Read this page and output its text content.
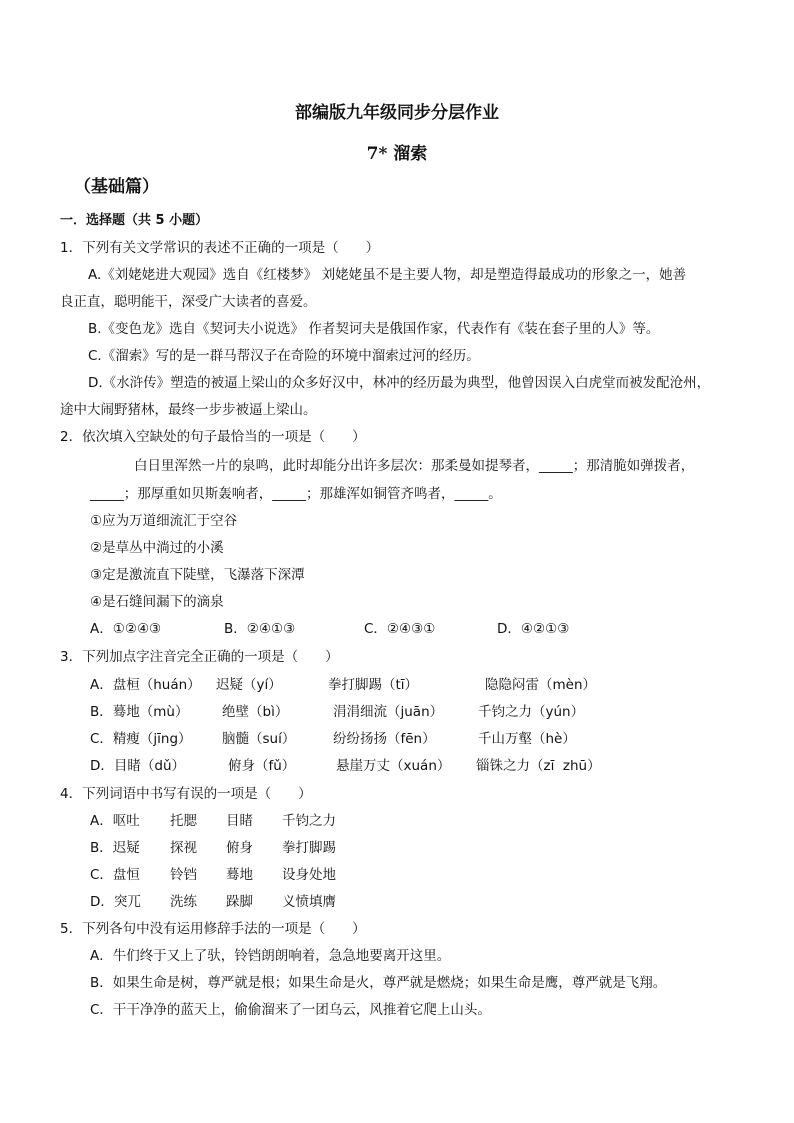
部编版九年级同步分层作业
7* 溜索
（基础篇）
一．选择题（共 5 小题）
1．下列有关文学常识的表述不正确的一项是（　　）
A.《刘姥姥进大观园》选自《红楼梦》 刘姥姥虽不是主要人物，却是塑造得最成功的形象之一，她善
良正直，聪明能干，深受广大读者的喜爱。
B.《变色龙》选自《契诃夫小说选》 作者契诃夫是俄国作家，代表作有《装在套子里的人》等。
C.《溜索》写的是一群马帮汉子在奇险的环境中溜索过河的经历。
D.《水浒传》塑造的被逼上梁山的众多好汉中，林冲的经历最为典型，他曾因误入白虎堂而被发配沧州，
途中大闹野猪林，最终一步步被逼上梁山。
2．依次填入空缺处的句子最恰当的一项是（　　）
白日里浑然一片的泉鸣，此时却能分出许多层次：那柔曼如提琴者，_____；那清脆如弹拨者，
_____；那厚重如贝斯轰响者，_____；那雄浑如铜管齐鸣者，_____。
①应为万道细流汇于空谷
②是草丛中淌过的小溪
③定是激流直下陡壁，飞瀑落下深潭
④是石缝间漏下的滴泉
A．①②④③	B．②④①③	C．②④③①	D．④②①③
3．下列加点字注音完全正确的一项是（　　）
A．盘桓（huán） 迟疑（yí）	拳打脚踢（tī）	隐隐闷雷（mèn）
B．蓦地（mù） 绝壁（bì）	涓涓细流（juān）	千钧之力（yún）
C．精瘦（jīng） 脑髓（suí）	纷纷扬扬（fēn）	千山万壑（hè）
D．目睹（dǔ）	俯身（fǔ）	悬崖万丈（xuán） 锱铢之力（zī  zhū）
4．下列词语中书写有误的一项是（　　）
A．呕吐 托腮 目睹 千钧之力
B．迟疑 探视 俯身 拳打脚踢
C．盘恒 铃铛 蓦地 设身处地
D．突兀 洗练 跺脚 义愤填膺
5．下列各句中没有运用修辞手法的一项是（　　）
A．牛们终于又上了驮，铃铛朗朗响着，急急地要离开这里。
B．如果生命是树，尊严就是根；如果生命是火，尊严就是燃烧；如果生命是鹰，尊严就是飞翔。
C．干干净净的蓝天上，偷偷溜来了一团乌云，风推着它爬上山头。
